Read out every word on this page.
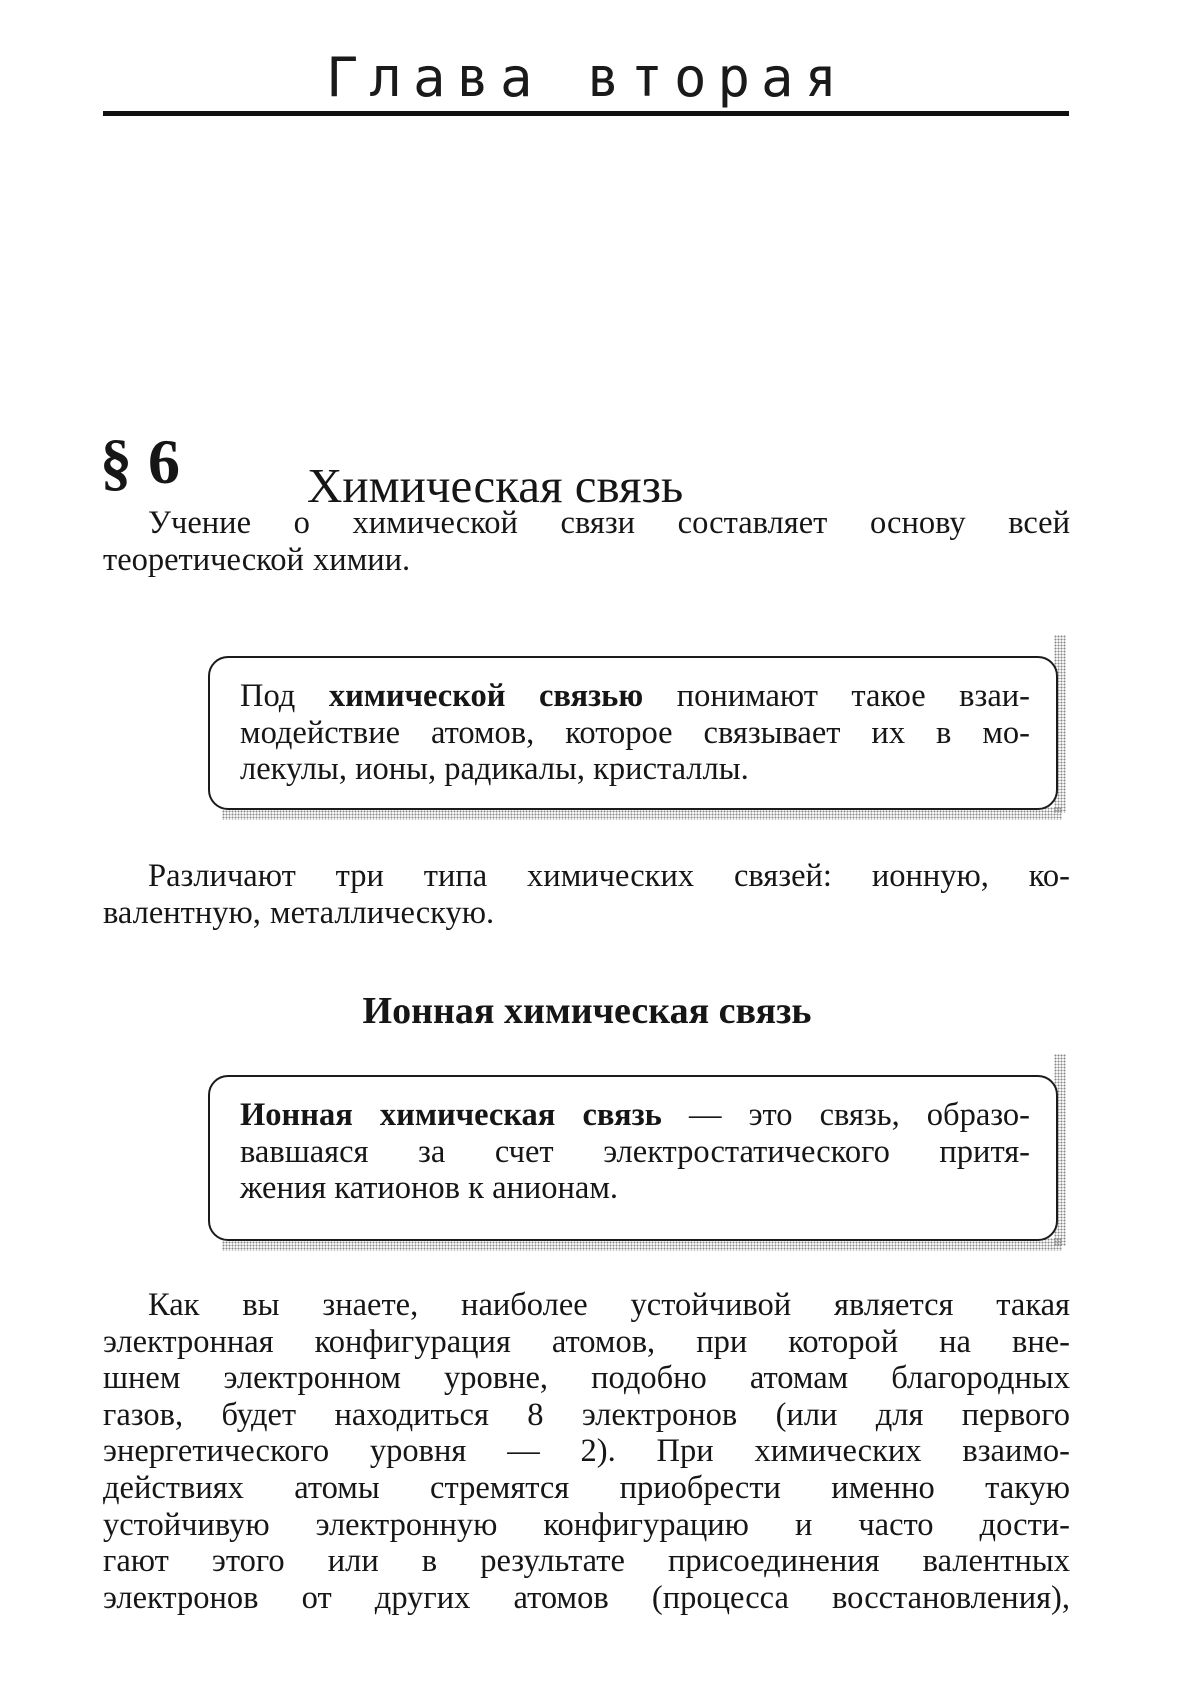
Глава вторая
§ 6	Химическая связь

Учение о химической связи составляет основу всей
теоретической химии.

Под химической связью понимают такое взаи-
модействие атомов, которое связывает их в мо-
лекулы, ионы, радикалы, кристаллы.

Различают три типа химических связей: ионную, ко-
валентную, металлическую.

Ионная химическая связь
Ионная химическая связь — это связь, образо-
вавшаяся за счет электростатического притя-
жения катионов к анионам.

Как вы знаете, наиболее устойчивой является такая
электронная конфигурация атомов, при которой на вне-
шнем электронном уровне, подобно атомам благородных
газов, будет находиться 8 электронов (или для первого
энергетического уровня — 2). При химических взаимо-
действиях атомы стремятся приобрести именно такую
устойчивую электронную конфигурацию и часто дости-
гают этого или в результате присоединения валентных
электронов от других атомов (процесса восстановления),
